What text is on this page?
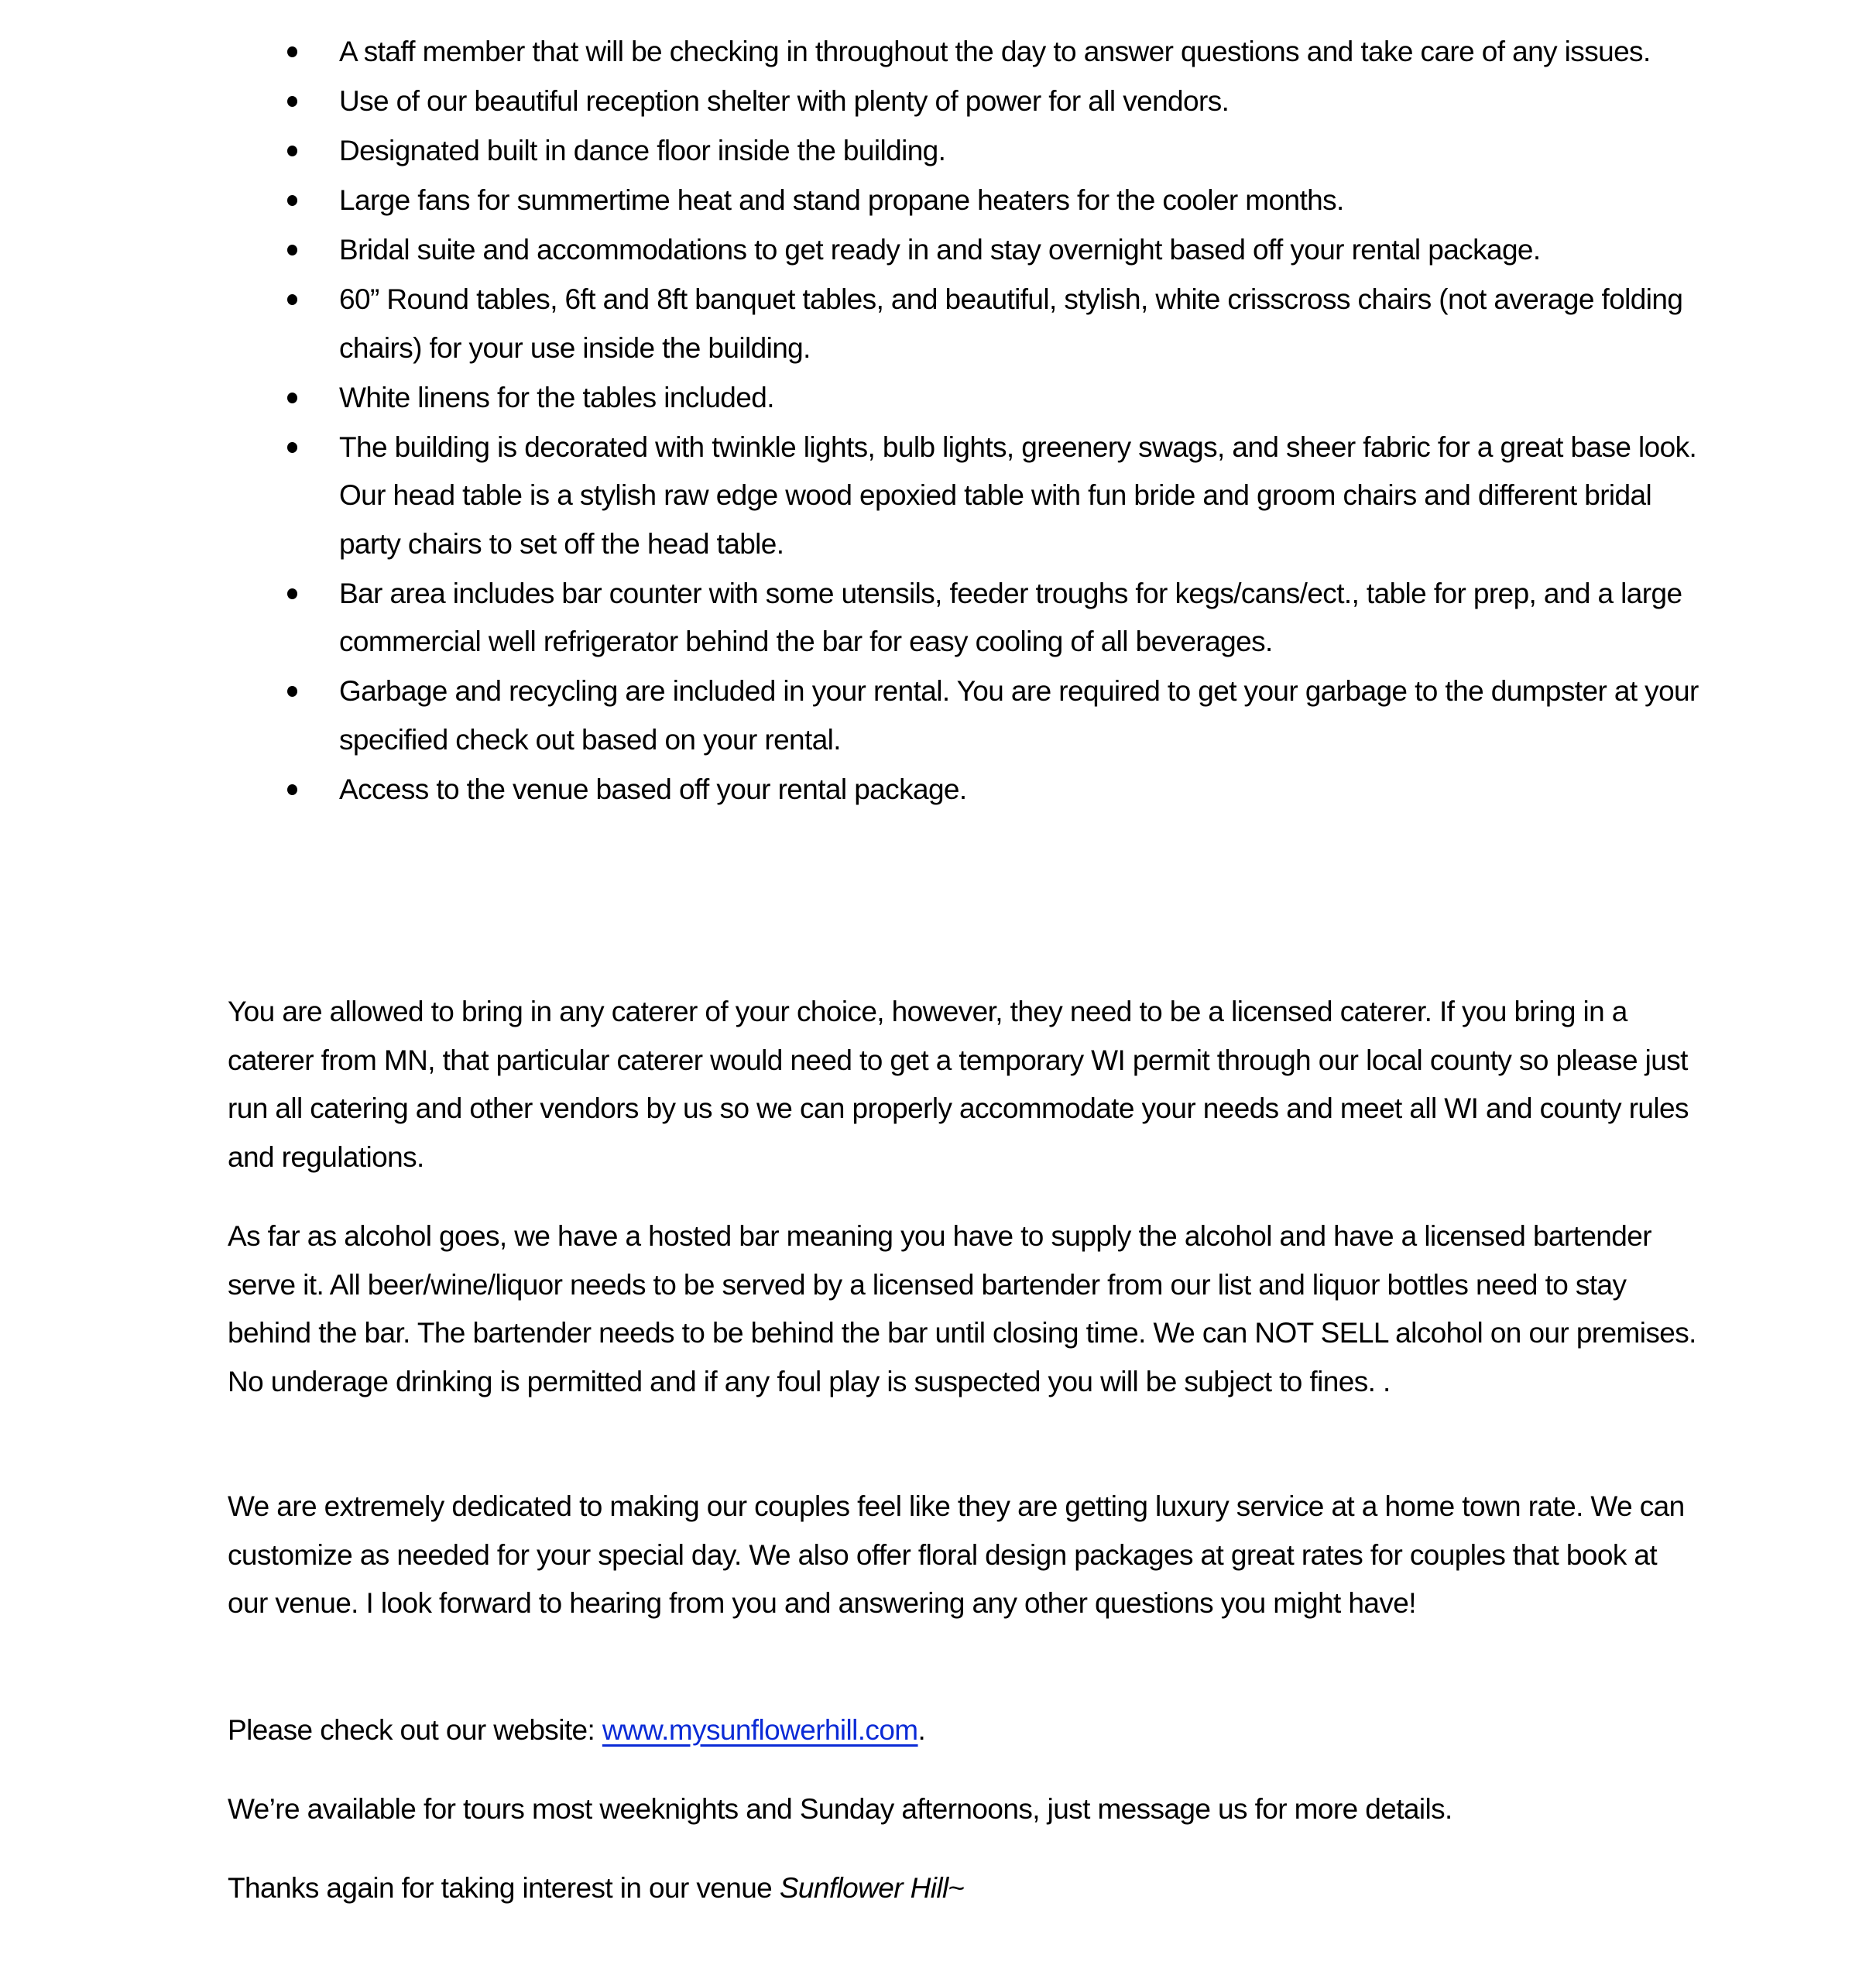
A staff member that will be checking in throughout the day to answer questions and take care of any issues.
Use of our beautiful reception shelter with plenty of power for all vendors.
Designated built in dance floor inside the building.
Large fans for summertime heat and stand propane heaters for the cooler months.
Bridal suite and accommodations to get ready in and stay overnight based off your rental package.
60” Round tables, 6ft and 8ft banquet tables, and beautiful, stylish, white crisscross chairs (not average folding chairs) for your use inside the building.
White linens for the tables included.
The building is decorated with twinkle lights, bulb lights, greenery swags, and sheer fabric for a great base look. Our head table is a stylish raw edge wood epoxied table with fun bride and groom chairs and different bridal party chairs to set off the head table.
Bar area includes bar counter with some utensils, feeder troughs for kegs/cans/ect., table for prep, and a large commercial well refrigerator behind the bar for easy cooling of all beverages.
Garbage and recycling are included in your rental. You are required to get your garbage to the dumpster at your specified check out based on your rental.
Access to the venue based off your rental package.

You are allowed to bring in any caterer of your choice, however, they need to be a licensed caterer. If you bring in a caterer from MN, that particular caterer would need to get a temporary WI permit through our local county so please just run all catering and other vendors by us so we can properly accommodate your needs and meet all WI and county rules and regulations.

As far as alcohol goes, we have a hosted bar meaning you have to supply the alcohol and have a licensed bartender serve it. All beer/wine/liquor needs to be served by a licensed bartender from our list and liquor bottles need to stay behind the bar. The bartender needs to be behind the bar until closing time. We can NOT SELL alcohol on our premises. No underage drinking is permitted and if any foul play is suspected you will be subject to fines. .

We are extremely dedicated to making our couples feel like they are getting luxury service at a home town rate. We can customize as needed for your special day. We also offer floral design packages at great rates for couples that book at our venue. I look forward to hearing from you and answering any other questions you might have!

Please check out our website: www.mysunflowerhill.com.

We’re available for tours most weeknights and Sunday afternoons, just message us for more details.

Thanks again for taking interest in our venue Sunflower Hill~
